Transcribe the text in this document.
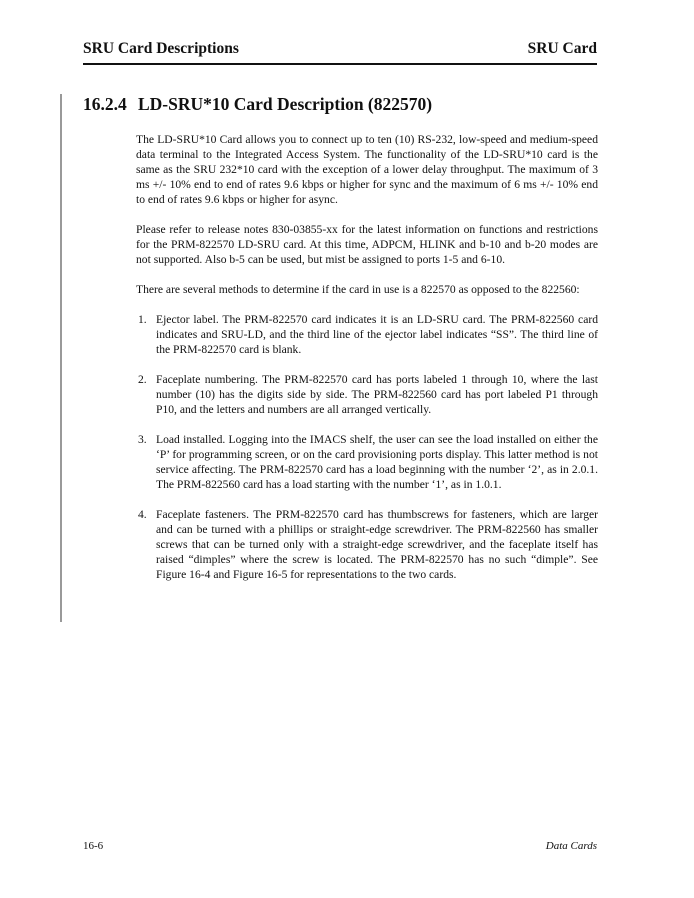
SRU Card Descriptions	SRU Card
16.2.4 LD-SRU*10 Card Description (822570)

The LD-SRU*10 Card allows you to connect up to ten (10) RS-232, low-speed and medium-speed data terminal to the Integrated Access System. The functionality of the LD-SRU*10 card is the same as the SRU 232*10 card with the exception of a lower delay throughput. The maximum of 3 ms +/- 10% end to end of rates 9.6 kbps or higher for sync and the maximum of 6 ms +/- 10% end to end of rates 9.6 kbps or higher for async.

Please refer to release notes 830-03855-xx for the latest information on functions and restrictions for the PRM-822570 LD-SRU card. At this time, ADPCM, HLINK and b-10 and b-20 modes are not supported. Also b-5 can be used, but mist be assigned to ports 1-5 and 6-10.

There are several methods to determine if the card in use is a 822570 as opposed to the 822560:

1. Ejector label. The PRM-822570 card indicates it is an LD-SRU card. The PRM-822560 card indicates and SRU-LD, and the third line of the ejector label indicates “SS”. The third line of the PRM-822570 card is blank.
2. Faceplate numbering. The PRM-822570 card has ports labeled 1 through 10, where the last number (10) has the digits side by side. The PRM-822560 card has port labeled P1 through P10, and the letters and numbers are all arranged vertically.
3. Load installed. Logging into the IMACS shelf, the user can see the load installed on either the ‘P’ for programming screen, or on the card provisioning ports display. This latter method is not service affecting. The PRM-822570 card has a load beginning with the number ‘2’, as in 2.0.1. The PRM-822560 card has a load starting with the number ‘1’, as in 1.0.1.
4. Faceplate fasteners. The PRM-822570 card has thumbscrews for fasteners, which are larger and can be turned with a phillips or straight-edge screwdriver. The PRM-822560 has smaller screws that can be turned only with a straight-edge screwdriver, and the faceplate itself has raised “dimples” where the screw is located. The PRM-822570 has no such “dimple”. See Figure 16-4 and Figure 16-5 for representations to the two cards.
16-6	Data Cards
